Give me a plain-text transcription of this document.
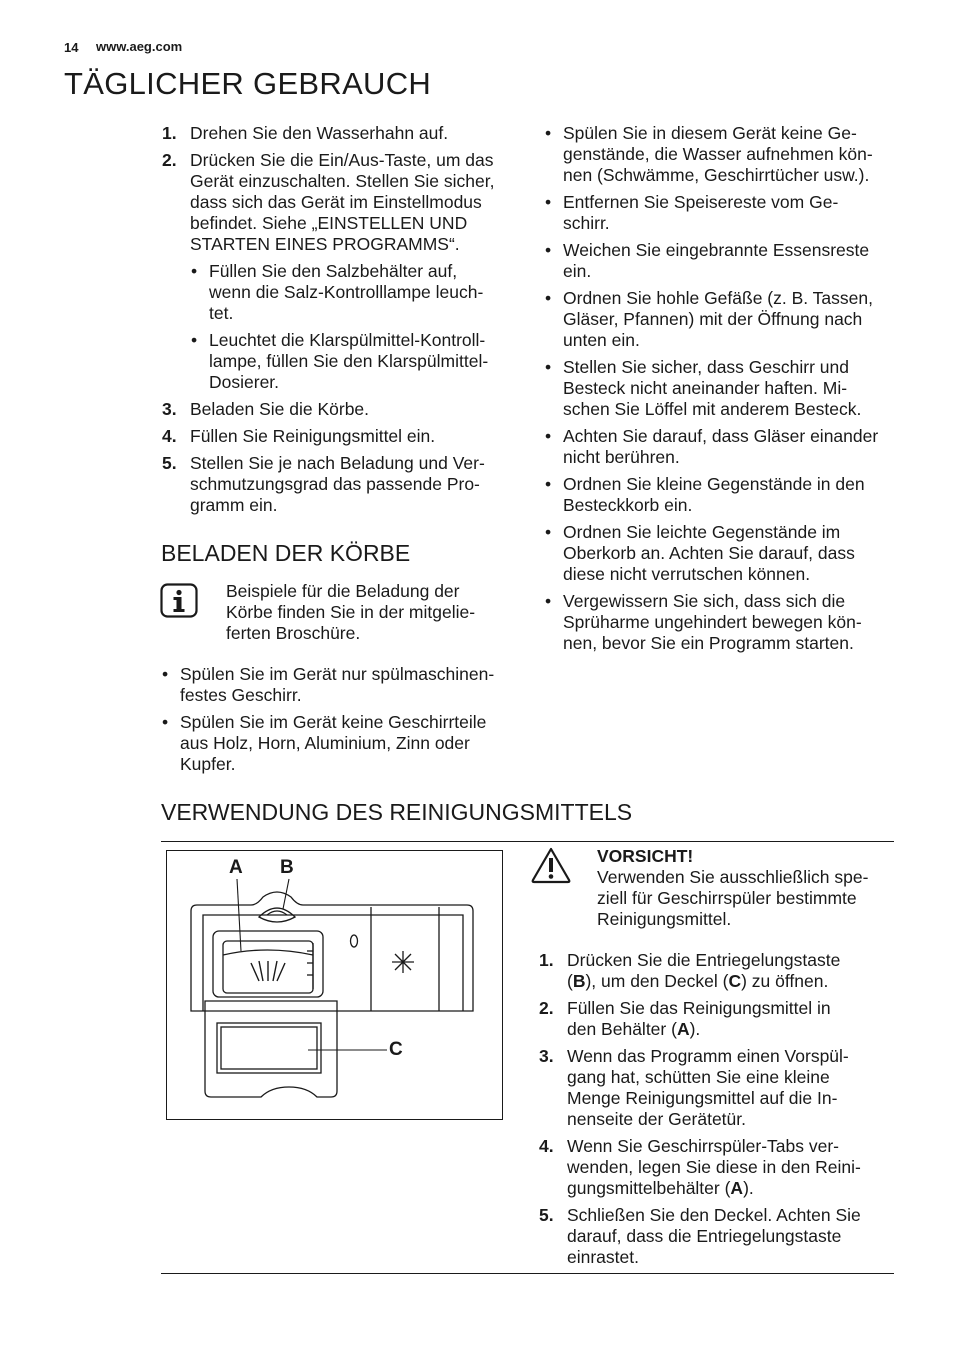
14 www.aeg.com
TÄGLICHER GEBRAUCH
1. Drehen Sie den Wasserhahn auf.
2. Drücken Sie die Ein/Aus-Taste, um das
Gerät einzuschalten. Stellen Sie sicher,
dass sich das Gerät im Einstellmodus
befindet. Siehe „EINSTELLEN UND
STARTEN EINES PROGRAMMS“.
• Füllen Sie den Salzbehälter auf,
wenn die Salz-Kontrolllampe leuch-
tet.
• Leuchtet die Klarspülmittel-Kontroll-
lampe, füllen Sie den Klarspülmittel-
Dosierer.
3. Beladen Sie die Körbe.
4. Füllen Sie Reinigungsmittel ein.
5. Stellen Sie je nach Beladung und Ver-
schmutzungsgrad das passende Pro-
gramm ein.
BELADEN DER KÖRBE
Beispiele für die Beladung der
Körbe finden Sie in der mitgelie-
ferten Broschüre.
• Spülen Sie im Gerät nur spülmaschinen-
festes Geschirr.
• Spülen Sie im Gerät keine Geschirrteile
aus Holz, Horn, Aluminium, Zinn oder
Kupfer.
• Spülen Sie in diesem Gerät keine Ge-
genstände, die Wasser aufnehmen kön-
nen (Schwämme, Geschirrtücher usw.).
• Entfernen Sie Speisereste vom Ge-
schirr.
• Weichen Sie eingebrannte Essensreste
ein.
• Ordnen Sie hohle Gefäße (z. B. Tassen,
Gläser, Pfannen) mit der Öffnung nach
unten ein.
• Stellen Sie sicher, dass Geschirr und
Besteck nicht aneinander haften. Mi-
schen Sie Löffel mit anderem Besteck.
• Achten Sie darauf, dass Gläser einander
nicht berühren.
• Ordnen Sie kleine Gegenstände in den
Besteckkorb ein.
• Ordnen Sie leichte Gegenstände im
Oberkorb an. Achten Sie darauf, dass
diese nicht verrutschen können.
• Vergewissern Sie sich, dass sich die
Sprüharme ungehindert bewegen kön-
nen, bevor Sie ein Programm starten.
VERWENDUNG DES REINIGUNGSMITTELS
A B
C
VORSICHT!
Verwenden Sie ausschließlich spe-
ziell für Geschirrspüler bestimmte
Reinigungsmittel.
1. Drücken Sie die Entriegelungstaste
(B), um den Deckel (C) zu öffnen.
2. Füllen Sie das Reinigungsmittel in
den Behälter (A).
3. Wenn das Programm einen Vorspül-
gang hat, schütten Sie eine kleine
Menge Reinigungsmittel auf die In-
nenseite der Gerätetür.
4. Wenn Sie Geschirrspüler-Tabs ver-
wenden, legen Sie diese in den Reini-
gungsmittelbehälter (A).
5. Schließen Sie den Deckel. Achten Sie
darauf, dass die Entriegelungstaste
einrastet.
